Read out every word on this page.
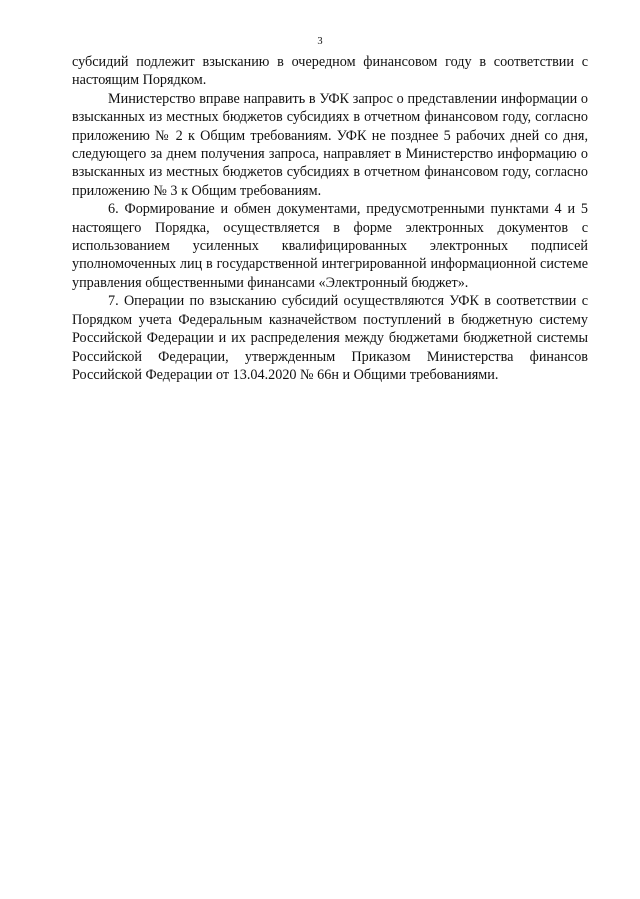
3

субсидий подлежит взысканию в очередном финансовом году в соответствии с настоящим Порядком.

Министерство вправе направить в УФК запрос о представлении информации о взысканных из местных бюджетов субсидиях в отчетном финансовом году, согласно приложению № 2 к Общим требованиям. УФК не позднее 5 рабочих дней со дня, следующего за днем получения запроса, направляет в Министерство информацию о взысканных из местных бюджетов субсидиях в отчетном финансовом году, согласно приложению № 3 к Общим требованиям.

6. Формирование и обмен документами, предусмотренными пунктами 4 и 5 настоящего Порядка, осуществляется в форме электронных документов с использованием усиленных квалифицированных электронных подписей уполномоченных лиц в государственной интегрированной информационной системе управления общественными финансами «Электронный бюджет».

7. Операции по взысканию субсидий осуществляются УФК в соответствии с Порядком учета Федеральным казначейством поступлений в бюджетную систему Российской Федерации и их распределения между бюджетами бюджетной системы Российской Федерации, утвержденным Приказом Министерства финансов Российской Федерации от 13.04.2020 № 66н и Общими требованиями.
